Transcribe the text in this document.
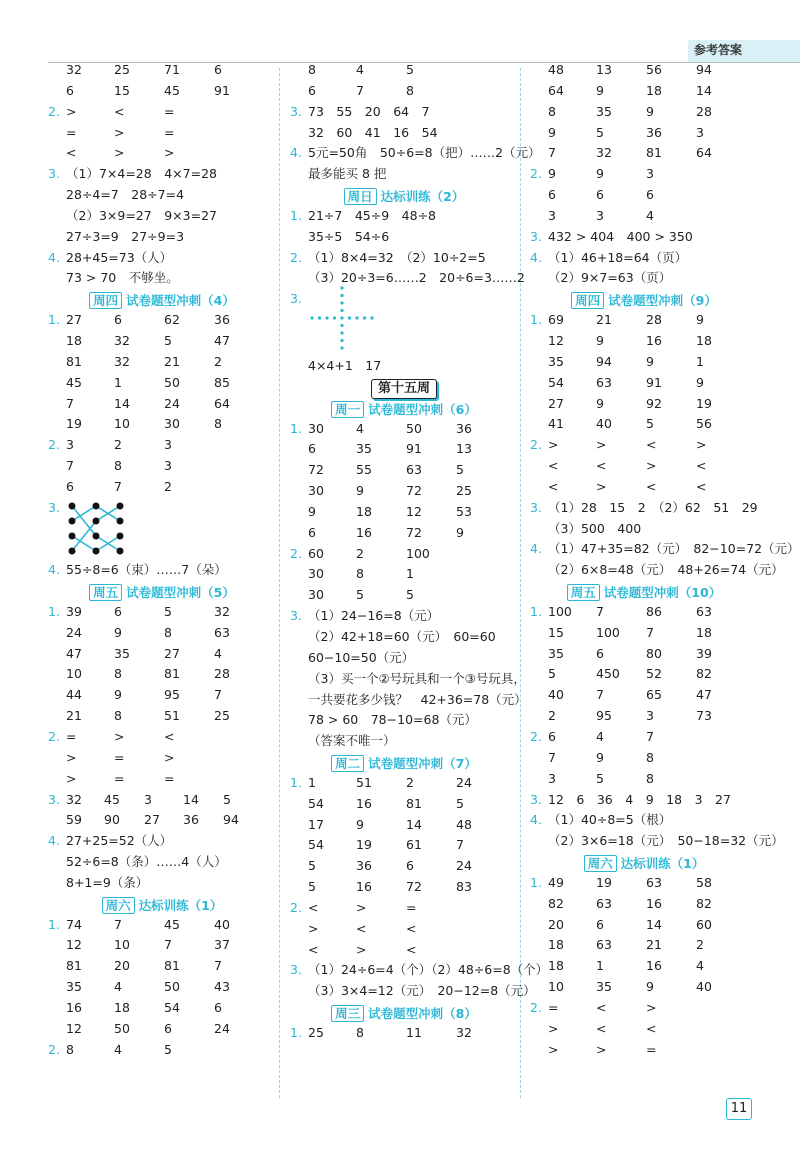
参考答案
32	25	71	6
6	15	45	91
2. >	<	=
=	>	=
<	>	>
3. （1）7×4=28　4×7=28
28÷4=7　28÷7=4
（2）3×9=27　9×3=27
27÷3=9　27÷9=3
4. 28+45=73（人）
73 > 70　不够坐。
周四 试卷题型冲刺（4）
1. 27	6	62	36
18	32	5	47
81	32	21	2
45	1	50	85
7	14	24	64
19	10	30	8
2. 3	2	3
7	8	3
6	7	2
3.
4. 55÷8=6（束）……7（朵）
周五 试卷题型冲刺（5）
1. 39	6	5	32
24	9	8	63
47	35	27	4
10	8	81	28
44	9	95	7
21	8	51	25
2. =	>	<
>	=	>
>	=	=
3. 32 45 3 14 5
59 90 27 36 94
4. 27+25=52（人）
52÷6=8（条）……4（人）
8+1=9（条）
周六 达标训练（1）
1. 74	7	45	40
12	10	7	37
81	20	81	7
35	4	50	43
16	18	54	6
12	50	6	24
2. 8	4	5
8	4	5
6	7	8
3. 73　55　20　64　7
32　60　41　16　54
4. 5元=50角　50÷6=8（把）……2（元）
最多能买 8 把
周日 达标训练（2）
1. 21÷7　45÷9　48÷8
35÷5　54÷6
2. （1）8×4=32　（2）10÷2=5
（3）20÷3=6……2　20÷6=3……2
3.
4×4+1　17
第十五周
周一 试卷题型冲刺（6）
1. 30	4	50	36
6	35	91	13
72	55	63	5
30	9	72	25
9	18	12	53
6	16	72	9
2. 60	2	100
30	8	1
30	5	5
3. （1）24−16=8（元）
（2）42+18=60（元）　60=60
60−10=50（元）
（3）买一个②号玩具和一个③号玩具，
一共要花多少钱？　42+36=78（元）
78 > 60　78−10=68（元）
（答案不唯一）
周二 试卷题型冲刺（7）
1. 1	51	2	24
54	16	81	5
17	9	14	48
54	19	61	7
5	36	6	24
5	16	72	83
2. <	>	=
>	<	<
<	>	<
3. （1）24÷6=4（个）（2）48÷6=8（个）
（3）3×4=12（元）　20−12=8（元）
周三 试卷题型冲刺（8）
1. 25	8	11	32
48	13	56	94
64	9	18	14
8	35	9	28
9	5	36	3
7	32	81	64
2. 9	9	3
6	6	6
3	3	4
3. 432 > 404　400 > 350
4. （1）46+18=64（页）
（2）9×7=63（页）
周四 试卷题型冲刺（9）
1. 69	21	28	9
12	9	16	18
35	94	9	1
54	63	91	9
27	9	92	19
41	40	5	56
2. >	>	<	>
<	<	>	<
<	>	<	<
3. （1）28　15　2　（2）62　51　29
（3）500　400
4. （1）47+35=82（元）　82−10=72（元）
（2）6×8=48（元）　48+26=74（元）
周五 试卷题型冲刺（10）
1. 100 7	86	63
15	100 7	18
35	6	80	39
5	450 52	82
40	7	65	47
2	95	3	73
2. 6	4	7
7	9	8
3	5	8
3. 12　6　36　4　9　18　3　27
4. （1）40÷8=5（根）
（2）3×6=18（元）　50−18=32（元）
周六 达标训练（1）
1. 49	19	63	58
82	63	16	82
20	6	14	60
18	63	21	2
18	1	16	4
10	35	9	40
2. =	<	>
>	<	<
>	>	=
11
